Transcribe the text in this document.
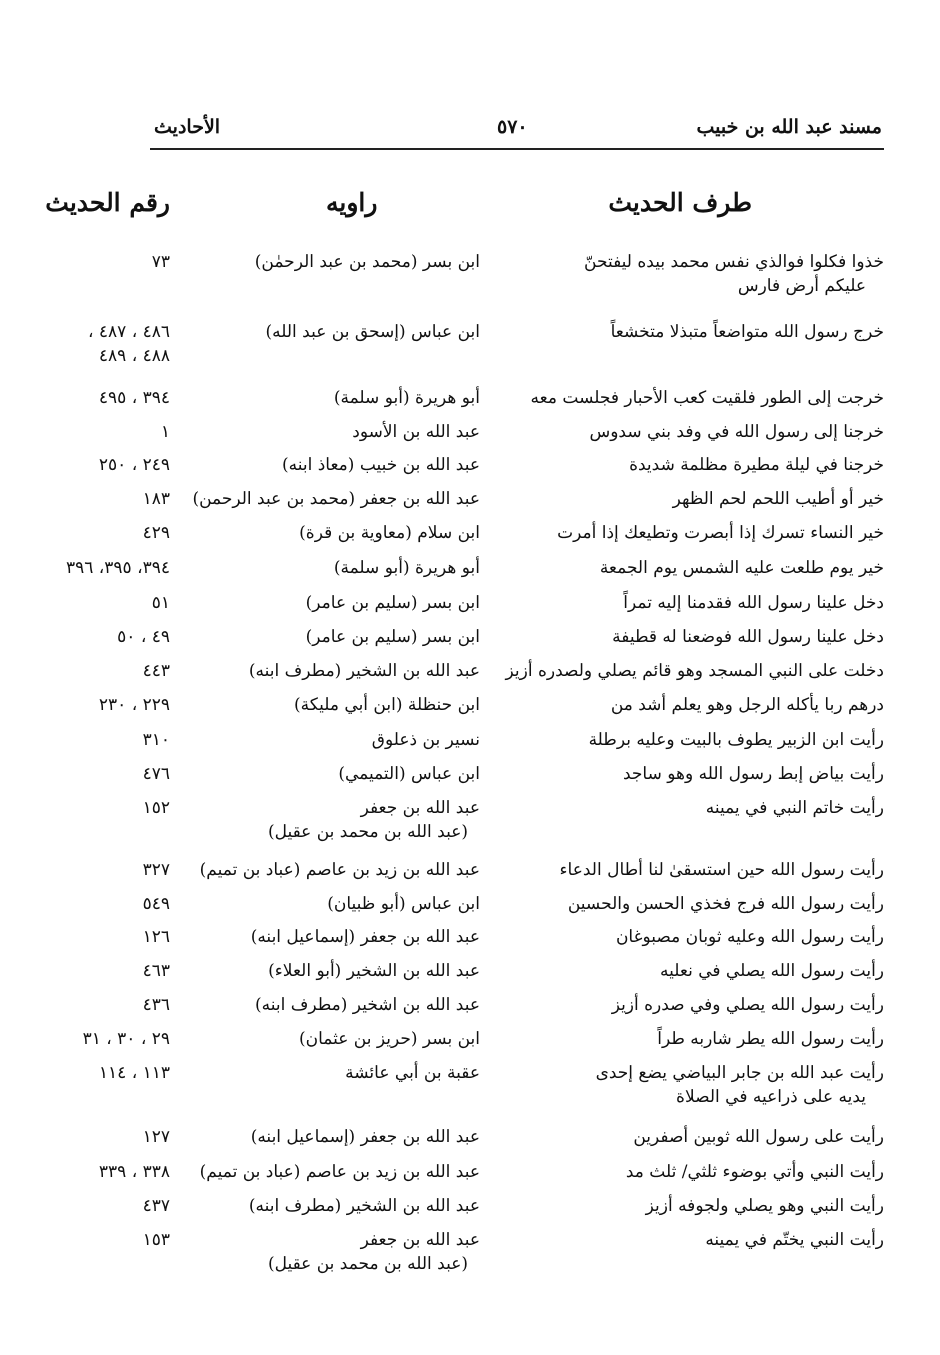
مسند عبد الله بن خبيب
٥٧٠
الأحاديث
طرف الحديث
راويه
رقم الحديث
خذوا فكلوا فوالذي نفس محمد بيده ليفتحنّ
عليكم أرض فارس
ابن بسر (محمد بن عبد الرحمٰن)
٧٣
خرج رسول الله متواضعاً متبذلا متخشعاً
ابن عباس (إسحق بن عبد الله)
٤٨٦ ، ٤٨٧ ،
٤٨٨ ، ٤٨٩
خرجت إلى الطور فلقيت كعب الأحبار فجلست معه
أبو هريرة (أبو سلمة)
٣٩٤ ، ٤٩٥
خرجنا إلى رسول الله في وفد بني سدوس
عبد الله بن الأسود
١
خرجنا في ليلة مطيرة مظلمة شديدة
عبد الله بن خبيب (معاذ ابنه)
٢٤٩ ، ٢٥٠
خير أو أطيب اللحم لحم الظهر
عبد الله بن جعفر (محمد بن عبد الرحمن)
١٨٣
خير النساء تسرك إذا أبصرت وتطيعك إذا أمرت
ابن سلام (معاوية بن قرة)
٤٢٩
خير يوم طلعت عليه الشمس يوم الجمعة
أبو هريرة (أبو سلمة)
٣٩٤، ٣٩٥، ٣٩٦
دخل علينا رسول الله فقدمنا إليه تمراً
ابن بسر (سليم بن عامر)
٥١
دخل علينا رسول الله فوضعنا له قطيفة
ابن بسر (سليم بن عامر)
٤٩ ، ٥٠
دخلت على النبي المسجد وهو قائم يصلي ولصدره أزيز
عبد الله بن الشخير (مطرف ابنه)
٤٤٣
درهم ربا يأكله الرجل وهو يعلم أشد من
ابن حنظلة (ابن أبي مليكة)
٢٢٩ ، ٢٣٠
رأيت ابن الزبير يطوف بالبيت وعليه برطلة
نسير بن ذعلوق
٣١٠
رأيت بياض إبط رسول الله وهو ساجد
ابن عباس (التميمي)
٤٧٦
رأيت خاتم النبي في يمينه
عبد الله بن جعفر
(عبد الله بن محمد بن عقيل)
١٥٢
رأيت رسول الله حين استسقىٰ لنا أطال الدعاء
عبد الله بن زيد بن عاصم (عباد بن تميم)
٣٢٧
رأيت رسول الله فرج فخذي الحسن والحسين
ابن عباس (أبو ظبيان)
٥٤٩
رأيت رسول الله وعليه ثوبان مصبوغان
عبد الله بن جعفر (إسماعيل ابنه)
١٢٦
رأيت رسول الله يصلي في نعليه
عبد الله بن الشخير (أبو العلاء)
٤٦٣
رأيت رسول الله يصلي وفي صدره أزيز
عبد الله بن اشخير (مطرف ابنه)
٤٣٦
رأيت رسول الله يطر شاربه طراً
ابن بسر (حريز بن عثمان)
٢٩ ، ٣٠ ، ٣١
رأيت عبد الله بن جابر البياضي يضع إحدى
يديه على ذراعيه في الصلاة
عقبة بن أبي عائشة
١١٣ ، ١١٤
رأيت على رسول الله ثوبين أصفرين
عبد الله بن جعفر (إسماعيل ابنه)
١٢٧
رأيت النبي وأتي بوضوء ثلثي/ ثلث مد
عبد الله بن زيد بن عاصم (عباد بن تميم)
٣٣٨ ، ٣٣٩
رأيت النبي وهو يصلي ولجوفه أزيز
عبد الله بن الشخير (مطرف ابنه)
٤٣٧
رأيت النبي يختّم في يمينه
عبد الله بن جعفر
(عبد الله بن محمد بن عقيل)
١٥٣
